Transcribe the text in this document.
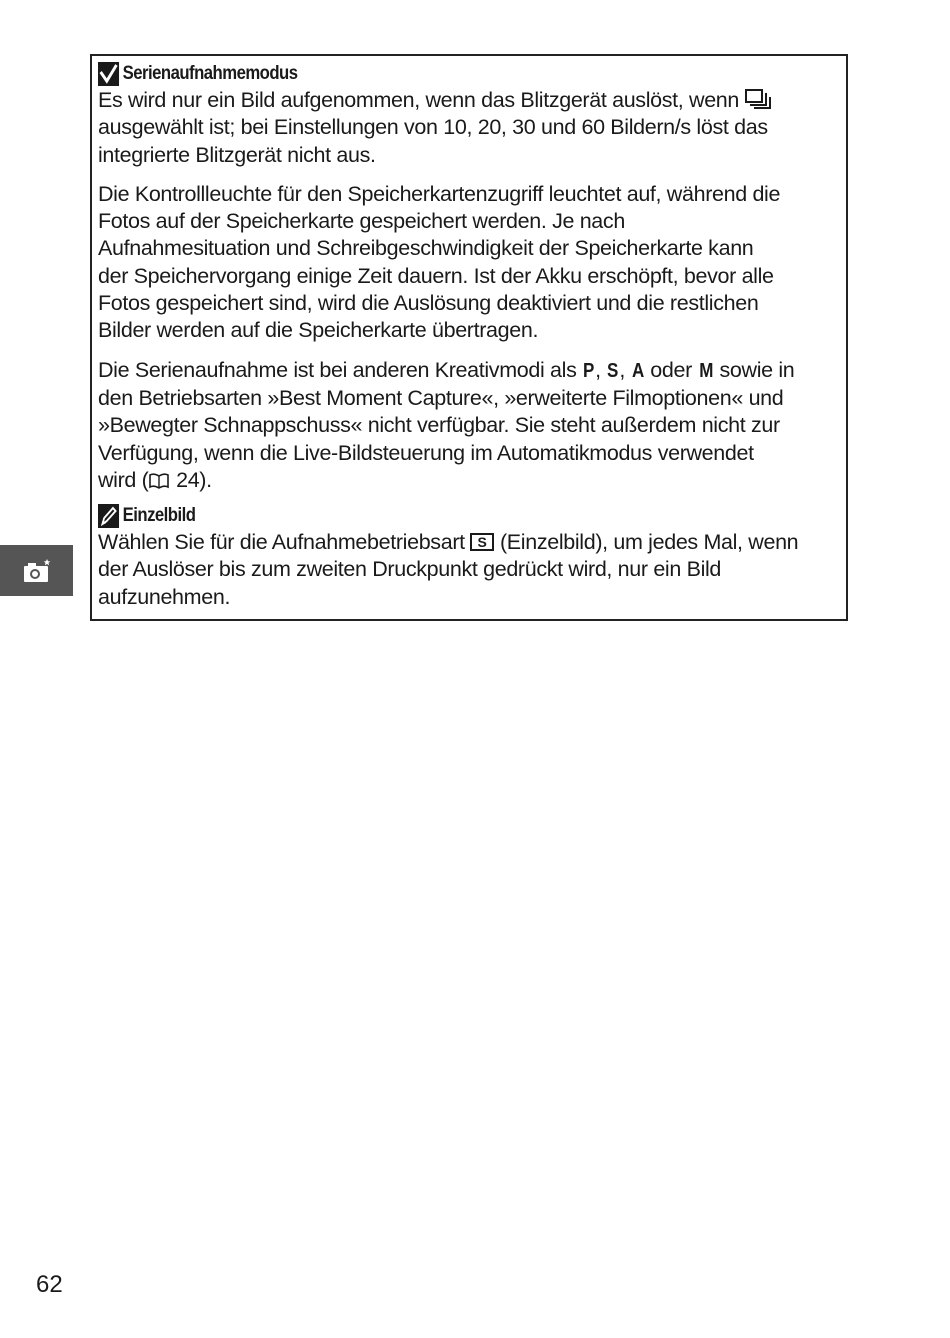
Serienaufnahmemodus

Es wird nur ein Bild aufgenommen, wenn das Blitzgerät auslöst, wenn
ausgewählt ist; bei Einstellungen von 10, 20, 30 und 60 Bildern/s löst das
integrierte Blitzgerät nicht aus.

Die Kontrollleuchte für den Speicherkartenzugriff leuchtet auf, während die
Fotos auf der Speicherkarte gespeichert werden. Je nach
Aufnahmesituation und Schreibgeschwindigkeit der Speicherkarte kann
der Speichervorgang einige Zeit dauern. Ist der Akku erschöpft, bevor alle
Fotos gespeichert sind, wird die Auslösung deaktiviert und die restlichen
Bilder werden auf die Speicherkarte übertragen.

Die Serienaufnahme ist bei anderen Kreativmodi als P, S, A oder M sowie in
den Betriebsarten »Best Moment Capture«, »erweiterte Filmoptionen« und
»Bewegter Schnappschuss« nicht verfügbar. Sie steht außerdem nicht zur
Verfügung, wenn die Live-Bildsteuerung im Automatikmodus verwendet
wird ( 24).

Einzelbild

Wählen Sie für die Aufnahmebetriebsart S (Einzelbild), um jedes Mal, wenn
der Auslöser bis zum zweiten Druckpunkt gedrückt wird, nur ein Bild
aufzunehmen.

62
